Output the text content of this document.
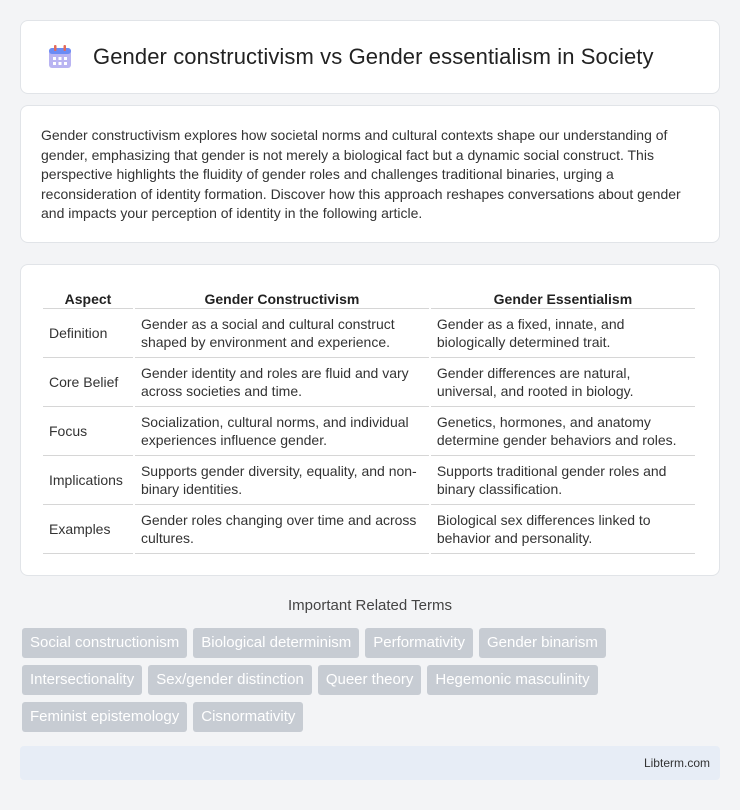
Gender constructivism vs Gender essentialism in Society

Gender constructivism explores how societal norms and cultural contexts shape our understanding of gender, emphasizing that gender is not merely a biological fact but a dynamic social construct. This perspective highlights the fluidity of gender roles and challenges traditional binaries, urging a reconsideration of identity formation. Discover how this approach reshapes conversations about gender and impacts your perception of identity in the following article.

Aspect	Gender Constructivism	Gender Essentialism
Definition	Gender as a social and cultural construct shaped by environment and experience.	Gender as a fixed, innate, and biologically determined trait.
Core Belief	Gender identity and roles are fluid and vary across societies and time.	Gender differences are natural, universal, and rooted in biology.
Focus	Socialization, cultural norms, and individual experiences influence gender.	Genetics, hormones, and anatomy determine gender behaviors and roles.
Implications	Supports gender diversity, equality, and non-binary identities.	Supports traditional gender roles and binary classification.
Examples	Gender roles changing over time and across cultures.	Biological sex differences linked to behavior and personality.
Important Related Terms
Social constructionism	Biological determinism	Performativity	Gender binarism
Intersectionality	Sex/gender distinction	Queer theory	Hegemonic masculinity
Feminist epistemology	Cisnormativity
Libterm.com
